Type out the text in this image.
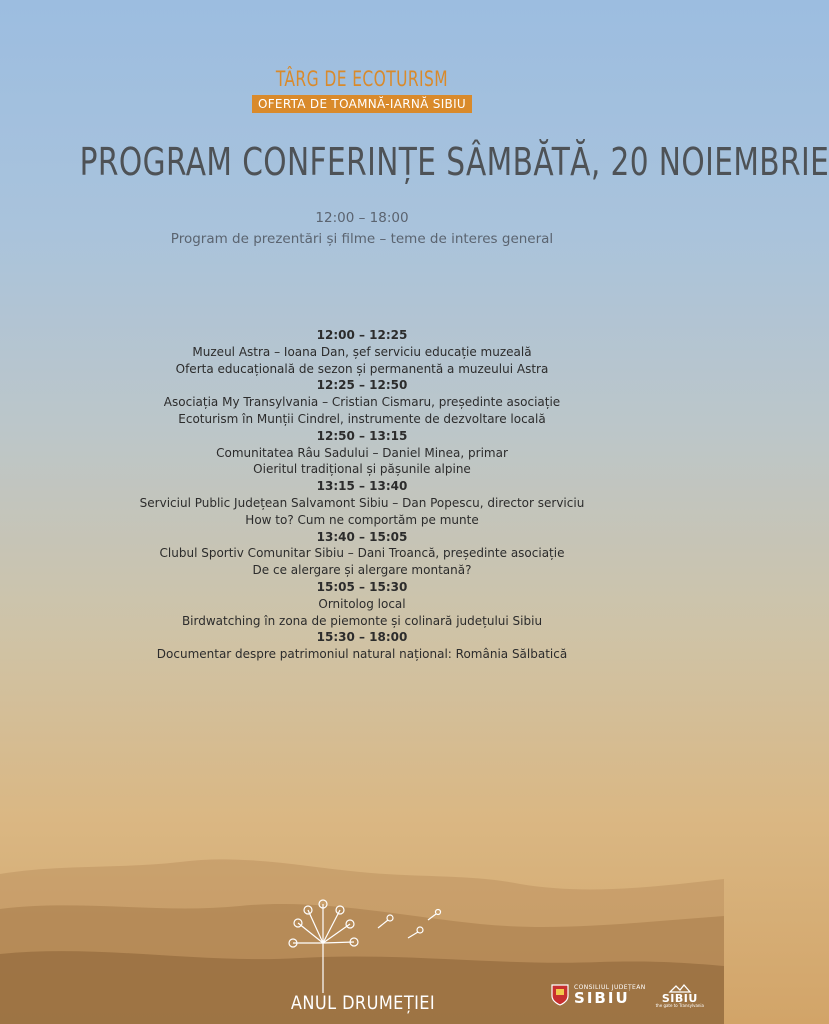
TÂRG DE ECOTURISM
OFERTA DE TOAMNĂ-IARNĂ SIBIU
PROGRAM CONFERINȚE SÂMBĂTĂ, 20 NOIEMBRIE
12:00 – 18:00
Program de prezentări și filme – teme de interes general
12:00 – 12:25
Muzeul Astra – Ioana Dan, șef serviciu educație muzeală
Oferta educațională de sezon și permanentă a muzeului Astra
12:25 – 12:50
Asociația My Transylvania – Cristian Cismaru, președinte asociație
Ecoturism în Munții Cindrel, instrumente de dezvoltare locală
12:50 – 13:15
Comunitatea Râu Sadului – Daniel Minea, primar
Oieritul tradițional și pășunile alpine
13:15 – 13:40
Serviciul Public Județean Salvamont Sibiu – Dan Popescu, director serviciu
How to? Cum ne comportăm pe munte
13:40 – 15:05
Clubul Sportiv Comunitar Sibiu – Dani Troancă, președinte asociație
De ce alergare și alergare montană?
15:05 – 15:30
Ornitolog local
Birdwatching în zona de piemonte și colinară județului Sibiu
15:30 – 18:00
Documentar despre patrimoniul natural național: România Sălbatică
ANUL DRUMEȚIEI
CONSILIUL JUDEȚEAN
SIBIU	SIBIU
the gate to Transylvania
